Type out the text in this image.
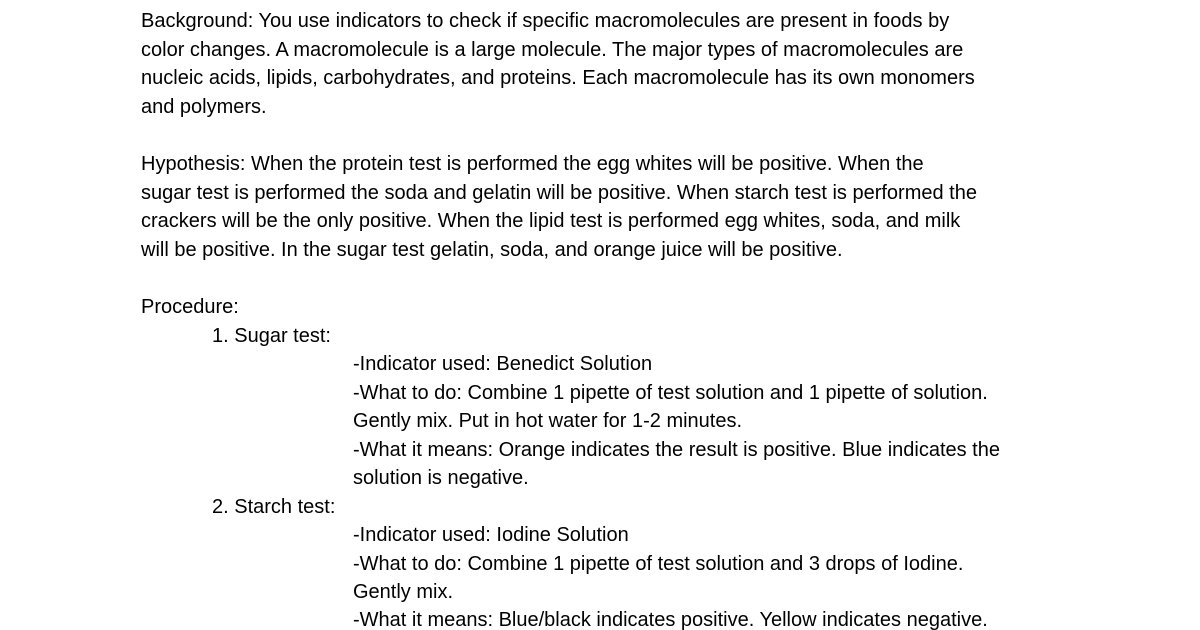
Background: You use indicators to check if specific macromolecules are present in foods by
color changes. A macromolecule is a large molecule. The major types of macromolecules are
nucleic acids, lipids, carbohydrates, and proteins. Each macromolecule has its own monomers
and polymers.
Hypothesis: When the protein test is performed the egg whites will be positive. When the
sugar test is performed the soda and gelatin will be positive. When starch test is performed the
crackers will be the only positive. When the lipid test is performed egg whites, soda, and milk
will be positive. In the sugar test gelatin, soda, and orange juice will be positive.
Procedure:
1. Sugar test:
-Indicator used: Benedict Solution
-What to do: Combine 1 pipette of test solution and 1 pipette of solution.
Gently mix. Put in hot water for 1-2 minutes.
-What it means: Orange indicates the result is positive. Blue indicates the
solution is negative.
2. Starch test:
-Indicator used: Iodine Solution
-What to do: Combine 1 pipette of test solution and 3 drops of Iodine.
Gently mix.
-What it means: Blue/black indicates positive. Yellow indicates negative.
